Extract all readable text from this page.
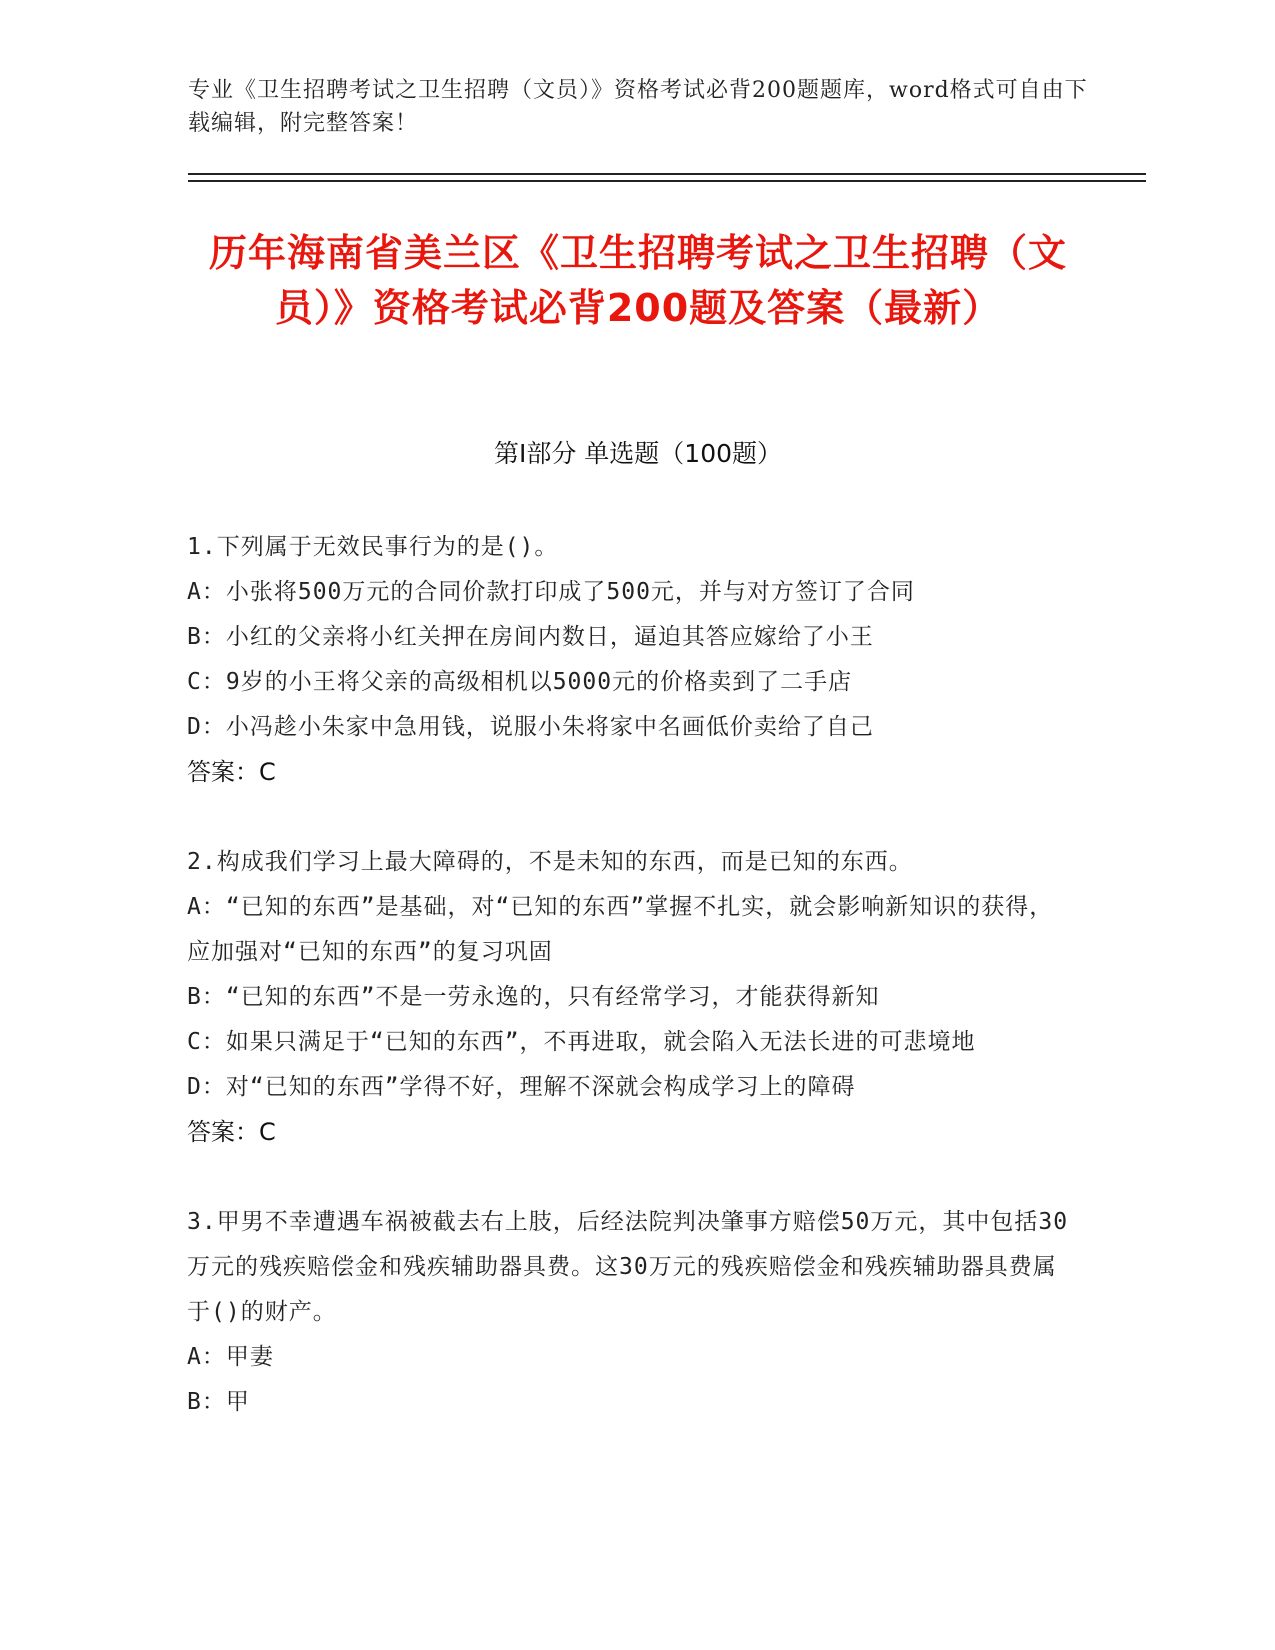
专业《卫生招聘考试之卫生招聘（文员）》资格考试必背200题题库，word格式可自由下载编辑，附完整答案！
历年海南省美兰区《卫生招聘考试之卫生招聘（文员）》资格考试必背200题及答案（最新）
第I部分 单选题（100题）
1.下列属于无效民事行为的是()。
A：小张将500万元的合同价款打印成了500元，并与对方签订了合同
B：小红的父亲将小红关押在房间内数日，逼迫其答应嫁给了小王
C：9岁的小王将父亲的高级相机以5000元的价格卖到了二手店
D：小冯趁小朱家中急用钱，说服小朱将家中名画低价卖给了自己
答案：C
2.构成我们学习上最大障碍的，不是未知的东西，而是已知的东西。
A：“已知的东西”是基础，对“已知的东西”掌握不扎实，就会影响新知识的获得，应加强对“已知的东西”的复习巩固
B：“已知的东西”不是一劳永逸的，只有经常学习，才能获得新知
C：如果只满足于“已知的东西”，不再进取，就会陷入无法长进的可悲境地
D：对“已知的东西”学得不好，理解不深就会构成学习上的障碍
答案：C
3.甲男不幸遭遇车祸被截去右上肢，后经法院判决肇事方赔偿50万元，其中包括30万元的残疾赔偿金和残疾辅助器具费。这30万元的残疾赔偿金和残疾辅助器具费属于()的财产。
A：甲妻
B：甲
